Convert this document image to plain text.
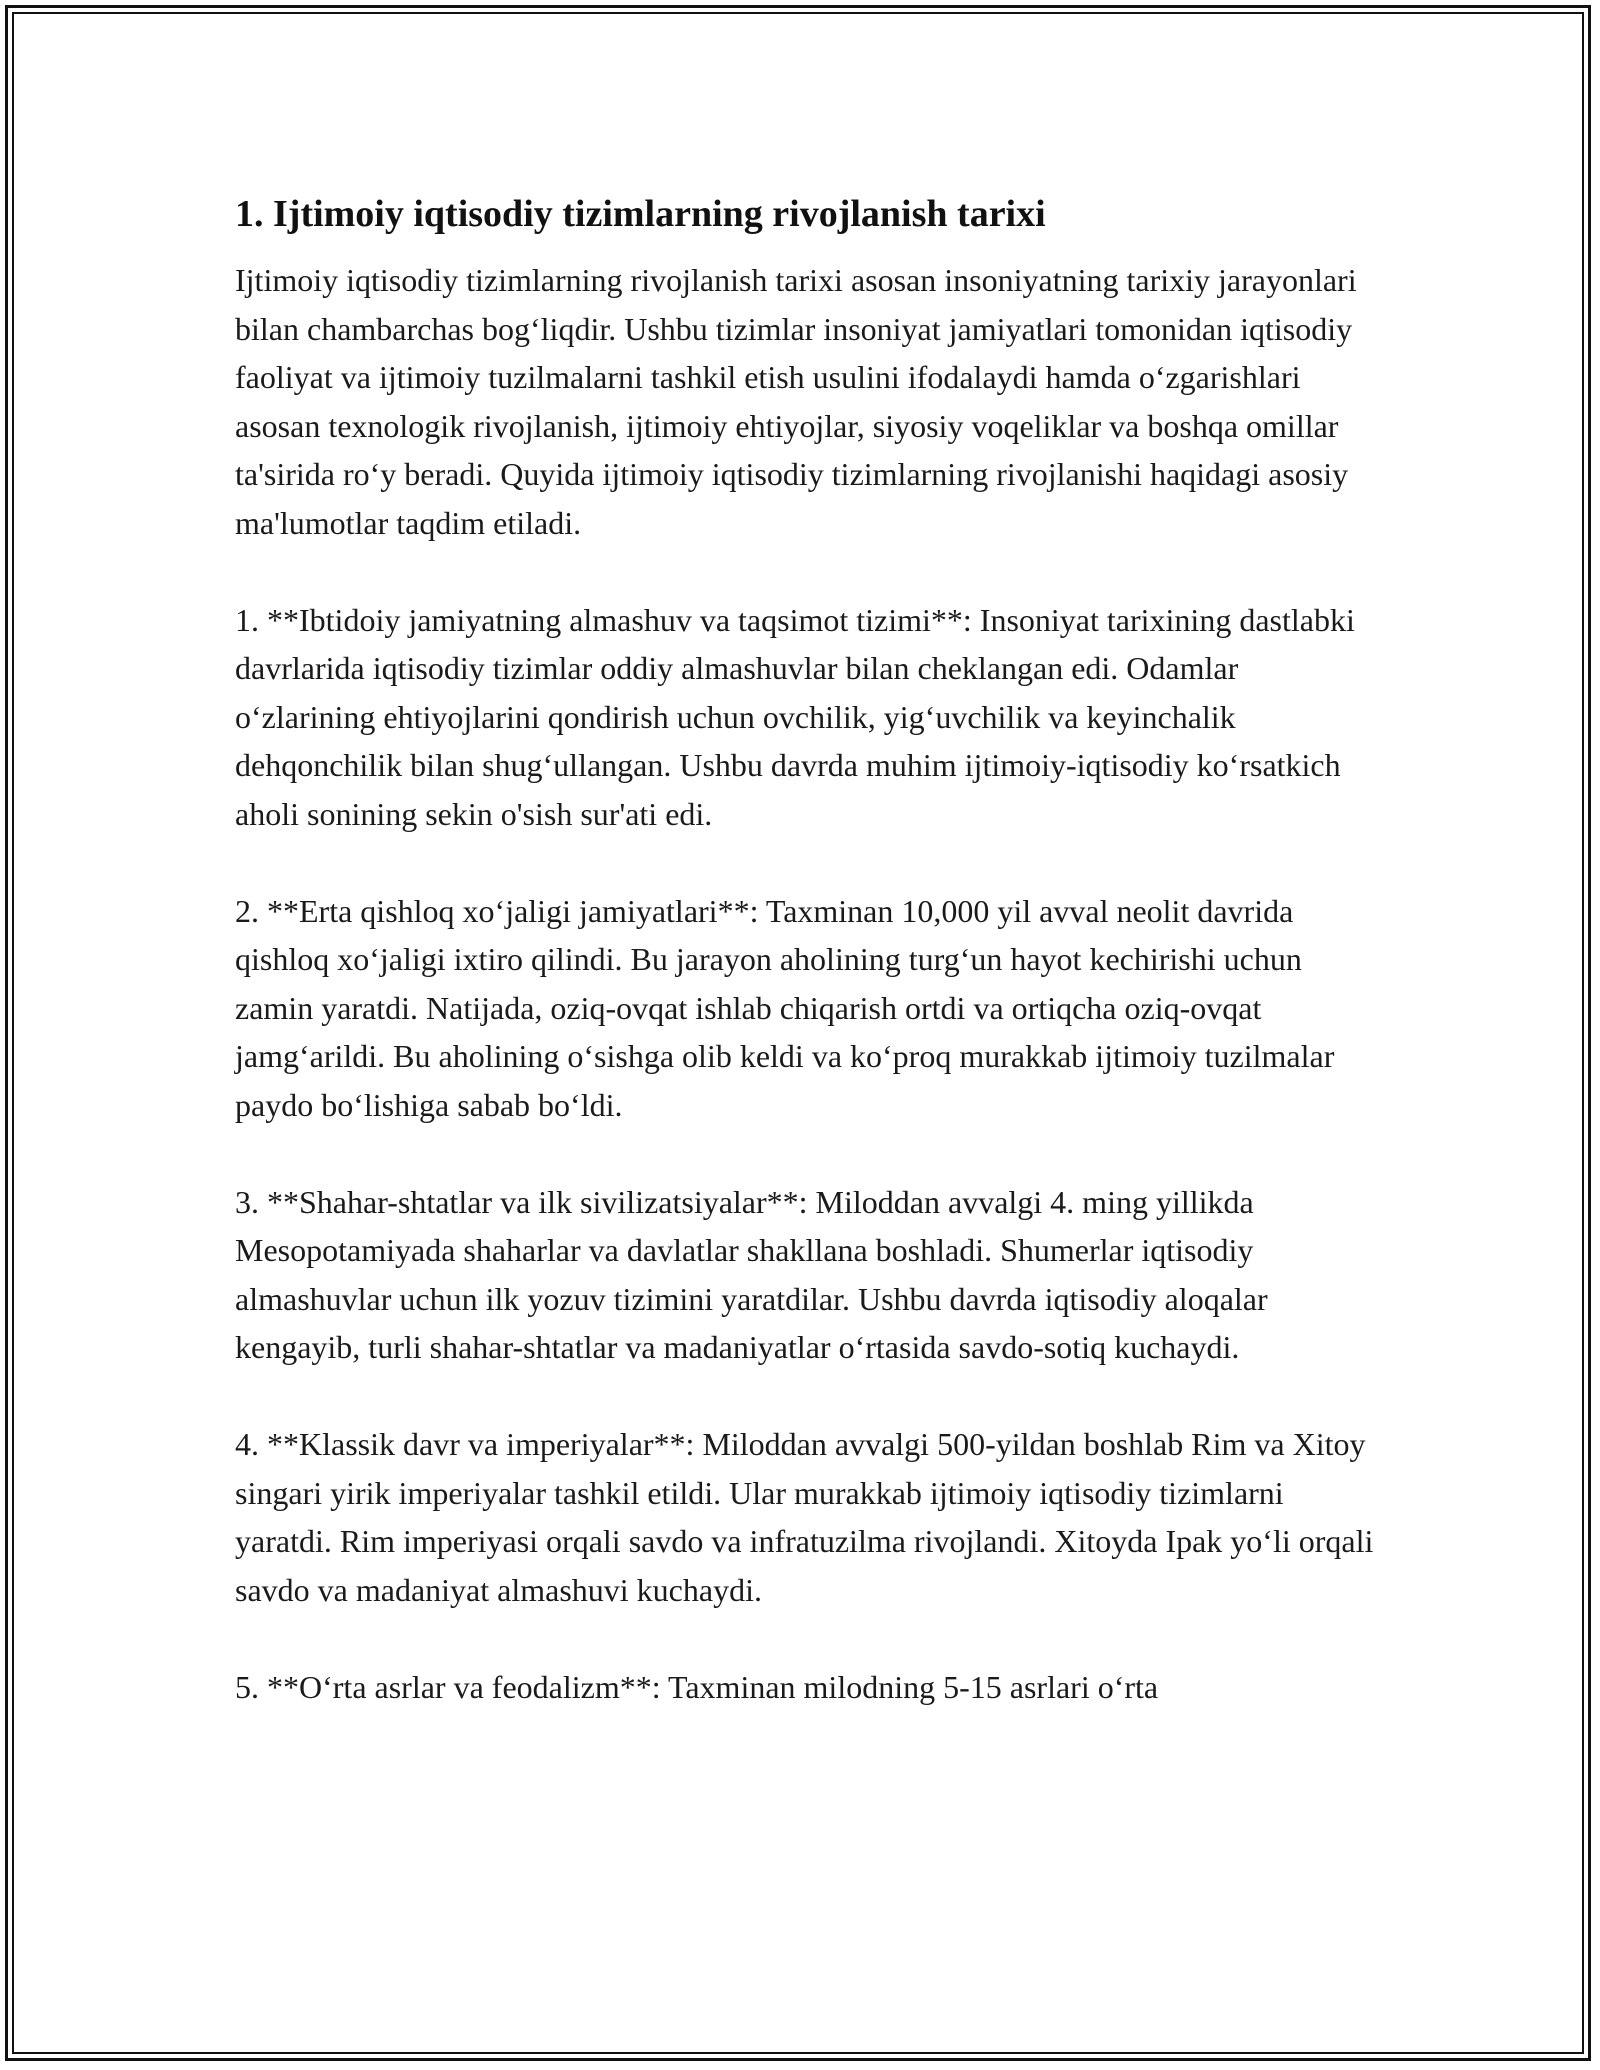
1. Ijtimoiy iqtisodiy tizimlarning rivojlanish tarixi

Ijtimoiy iqtisodiy tizimlarning rivojlanish tarixi asosan insoniyatning tarixiy jarayonlari bilan chambarchas bogʻliqdir. Ushbu tizimlar insoniyat jamiyatlari tomonidan iqtisodiy faoliyat va ijtimoiy tuzilmalarni tashkil etish usulini ifodalaydi hamda oʻzgarishlari asosan texnologik rivojlanish, ijtimoiy ehtiyojlar, siyosiy voqeliklar va boshqa omillar ta'sirida roʻy beradi. Quyida ijtimoiy iqtisodiy tizimlarning rivojlanishi haqidagi asosiy ma'lumotlar taqdim etiladi.

1. **Ibtidoiy jamiyatning almashuv va taqsimot tizimi**: Insoniyat tarixining dastlabki davrlarida iqtisodiy tizimlar oddiy almashuvlar bilan cheklangan edi. Odamlar oʻzlarining ehtiyojlarini qondirish uchun ovchilik, yigʻuvchilik va keyinchalik dehqonchilik bilan shugʻullangan. Ushbu davrda muhim ijtimoiy-iqtisodiy koʻrsatkich aholi sonining sekin o'sish sur'ati edi.

2. **Erta qishloq xoʻjaligi jamiyatlari**: Taxminan 10,000 yil avval neolit davrida qishloq xoʻjaligi ixtiro qilindi. Bu jarayon aholining turgʻun hayot kechirishi uchun zamin yaratdi. Natijada, oziq-ovqat ishlab chiqarish ortdi va ortiqcha oziq-ovqat jamgʻarildi. Bu aholining oʻsishga olib keldi va koʻproq murakkab ijtimoiy tuzilmalar paydo boʻlishiga sabab boʻldi.

3. **Shahar-shtatlar va ilk sivilizatsiyalar**: Miloddan avvalgi 4. ming yillikda Mesopotamiyada shaharlar va davlatlar shakllana boshladi. Shumerlar iqtisodiy almashuvlar uchun ilk yozuv tizimini yaratdilar. Ushbu davrda iqtisodiy aloqalar kengayib, turli shahar-shtatlar va madaniyatlar oʻrtasida savdo-sotiq kuchaydi.

4. **Klassik davr va imperiyalar**: Miloddan avvalgi 500-yildan boshlab Rim va Xitoy singari yirik imperiyalar tashkil etildi. Ular murakkab ijtimoiy iqtisodiy tizimlarni yaratdi. Rim imperiyasi orqali savdo va infratuzilma rivojlandi. Xitoyda Ipak yoʻli orqali savdo va madaniyat almashuvi kuchaydi.

5. **Oʻrta asrlar va feodalizm**: Taxminan milodning 5-15 asrlari oʻrta
